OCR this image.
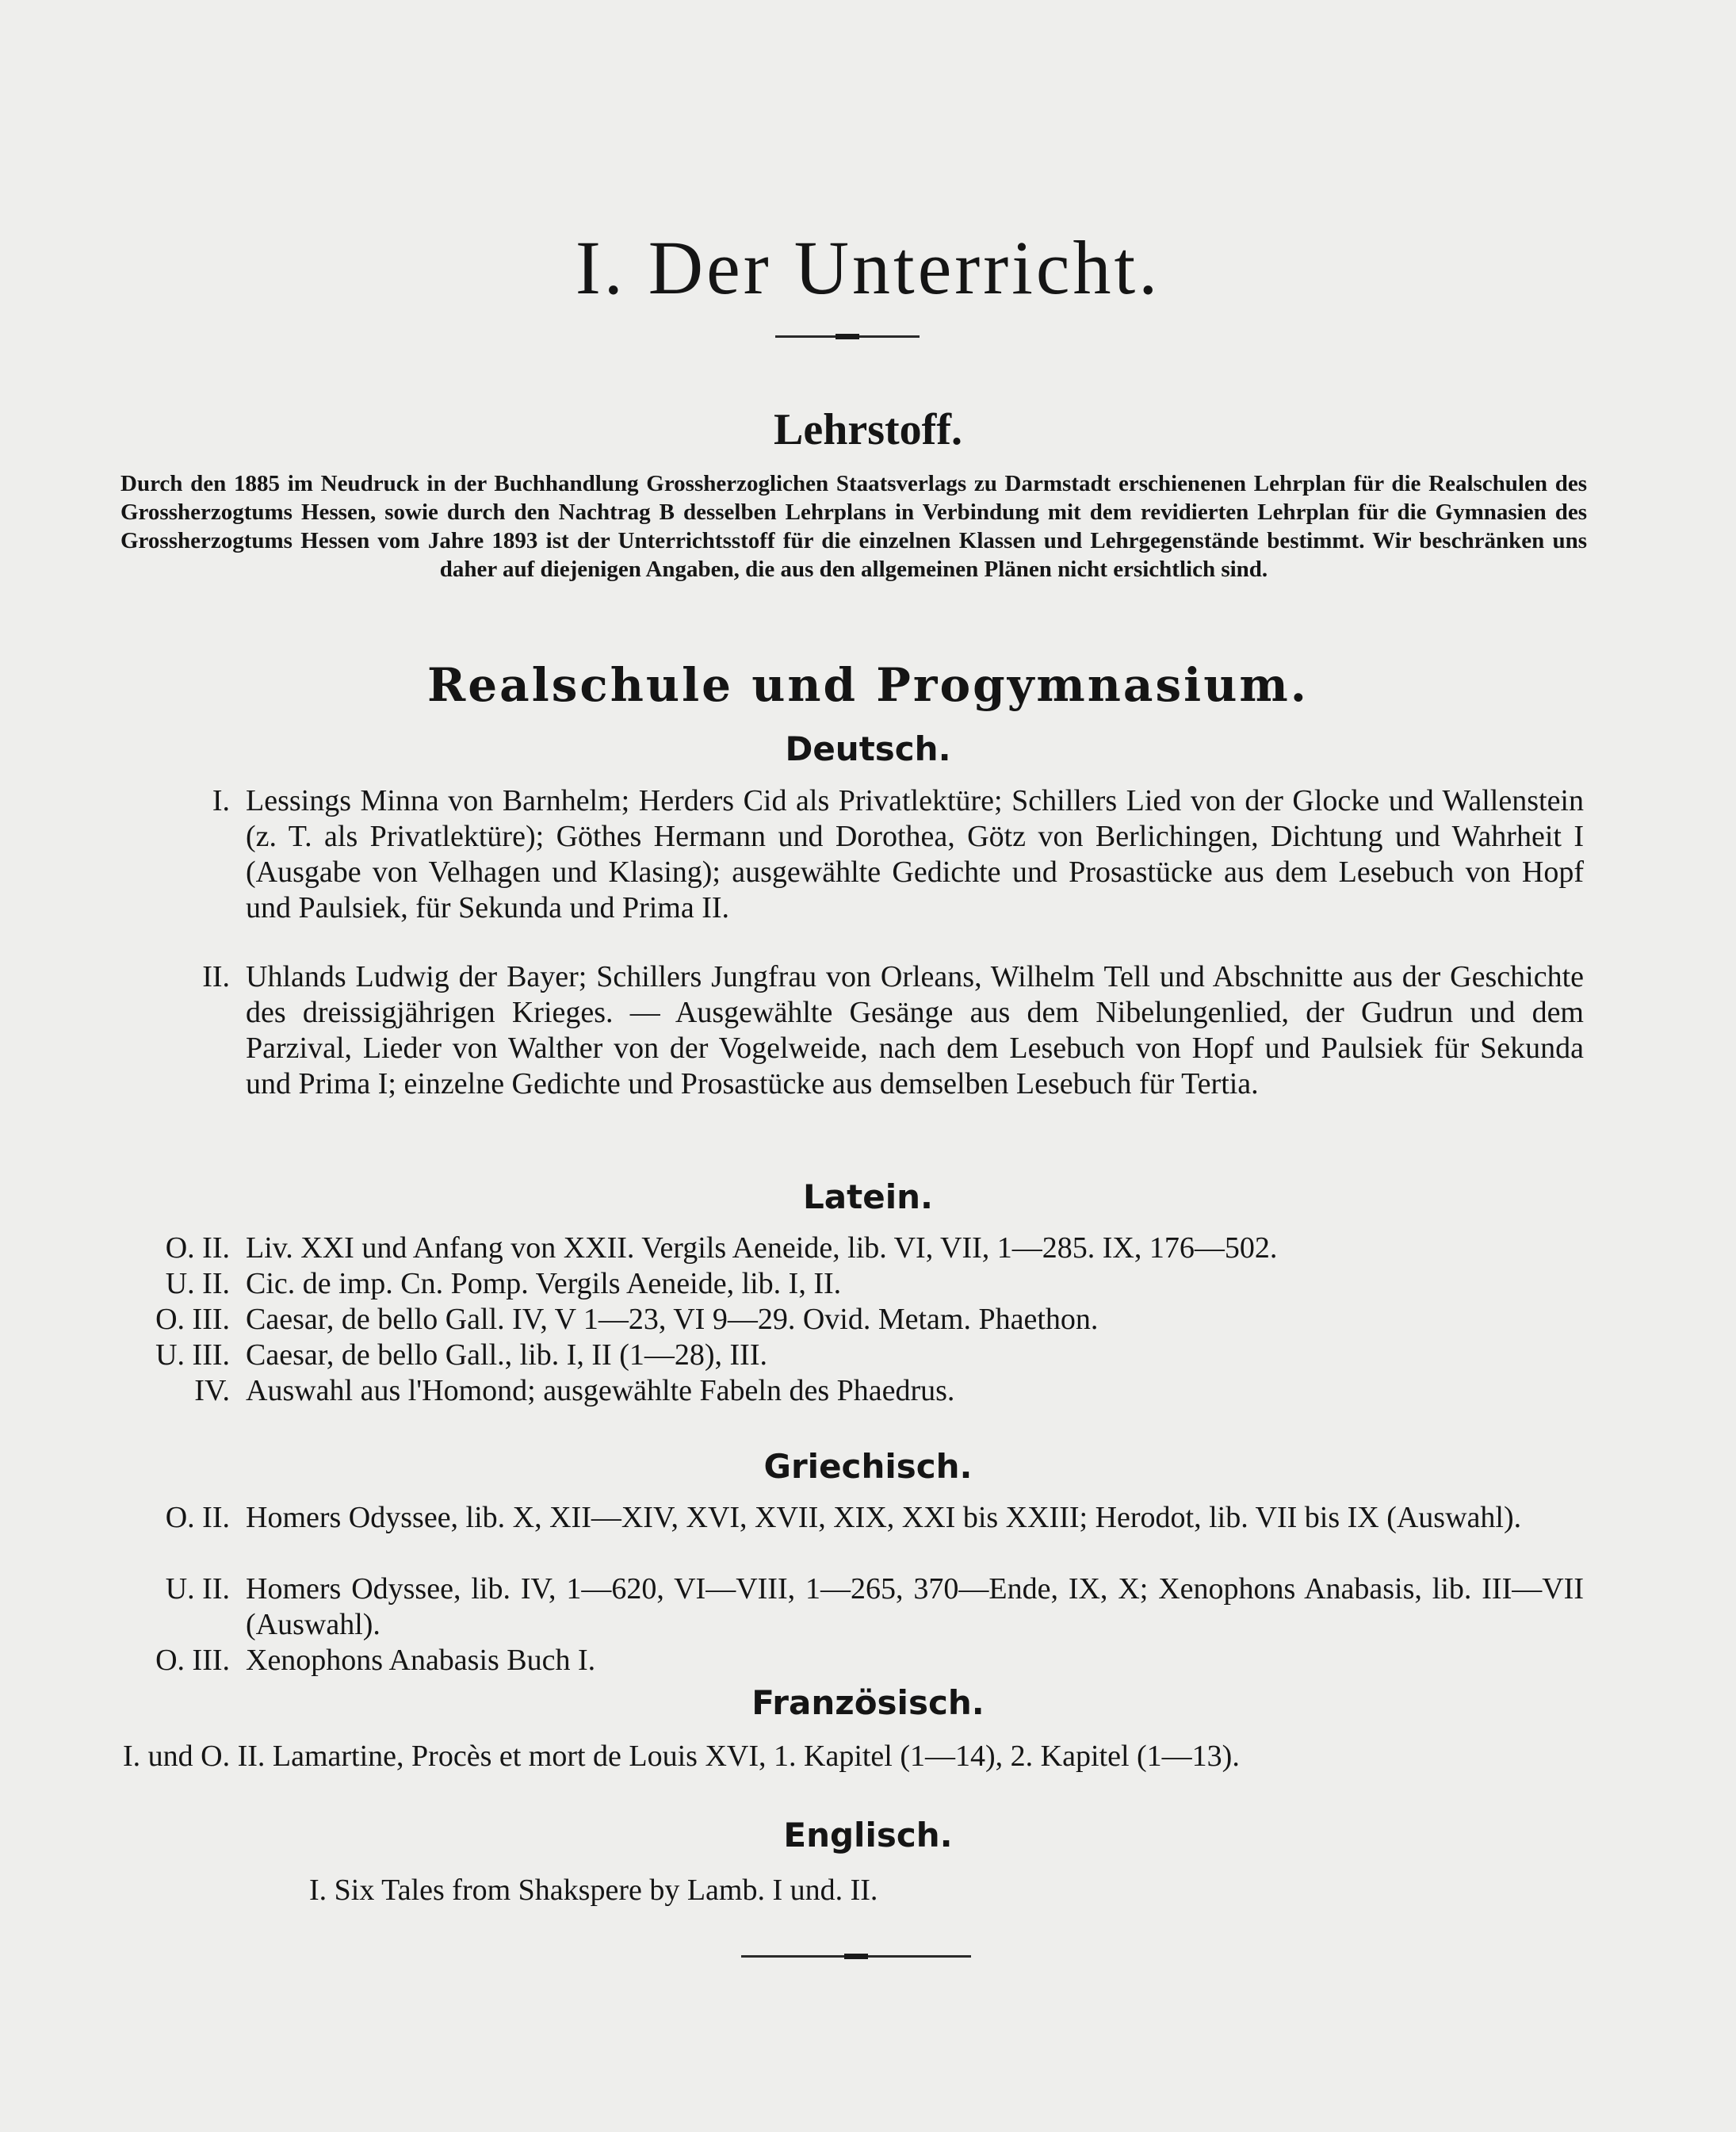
I. Der Unterricht.
Lehrstoff.

Durch den 1885 im Neudruck in der Buchhandlung Grossherzoglichen Staatsverlags zu Darmstadt erschienenen Lehrplan für die Realschulen des Grossherzogtums Hessen, sowie durch den Nachtrag B desselben Lehrplans in Verbindung mit dem revidierten Lehrplan für die Gymnasien des Grossherzogtums Hessen vom Jahre 1893 ist der Unterrichtsstoff für die einzelnen Klassen und Lehrgegenstände bestimmt. Wir beschränken uns daher auf diejenigen Angaben, die aus den allgemeinen Plänen nicht ersichtlich sind.

Realschule und Progymnasium.
Deutsch.
I. Lessings Minna von Barnhelm; Herders Cid als Privatlektüre; Schillers Lied von der Glocke und Wallenstein (z. T. als Privatlektüre); Göthes Hermann und Dorothea, Götz von Berlichingen, Dichtung und Wahrheit I (Ausgabe von Velhagen und Klasing); ausgewählte Gedichte und Prosastücke aus dem Lesebuch von Hopf und Paulsiek, für Sekunda und Prima II.

II. Uhlands Ludwig der Bayer; Schillers Jungfrau von Orleans, Wilhelm Tell und Abschnitte aus der Geschichte des dreissigjährigen Krieges. — Ausgewählte Gesänge aus dem Nibelungenlied, der Gudrun und dem Parzival, Lieder von Walther von der Vogelweide, nach dem Lesebuch von Hopf und Paulsiek für Sekunda und Prima I; einzelne Gedichte und Prosastücke aus demselben Lesebuch für Tertia.

Latein.
O. II. Liv. XXI und Anfang von XXII. Vergils Aeneide, lib. VI, VII, 1—285. IX, 176—502.

U. II. Cic. de imp. Cn. Pomp. Vergils Aeneide, lib. I, II.

O. III. Caesar, de bello Gall. IV, V 1—23, VI 9—29. Ovid. Metam. Phaethon.

U. III. Caesar, de bello Gall., lib. I, II (1—28), III.

IV. Auswahl aus l'Homond; ausgewählte Fabeln des Phaedrus.

Griechisch.
O. II. Homers Odyssee, lib. X, XII—XIV, XVI, XVII, XIX, XXI bis XXIII; Herodot, lib. VII bis IX (Auswahl).

U. II. Homers Odyssee, lib. IV, 1—620, VI—VIII, 1—265, 370—Ende, IX, X; Xenophons Anabasis, lib. III—VII (Auswahl).

O. III. Xenophons Anabasis Buch I.

Französisch.
I. und O. II. Lamartine, Procès et mort de Louis XVI, 1. Kapitel (1—14), 2. Kapitel (1—13).
Englisch.
I. Six Tales from Shakspere by Lamb. I und. II.
